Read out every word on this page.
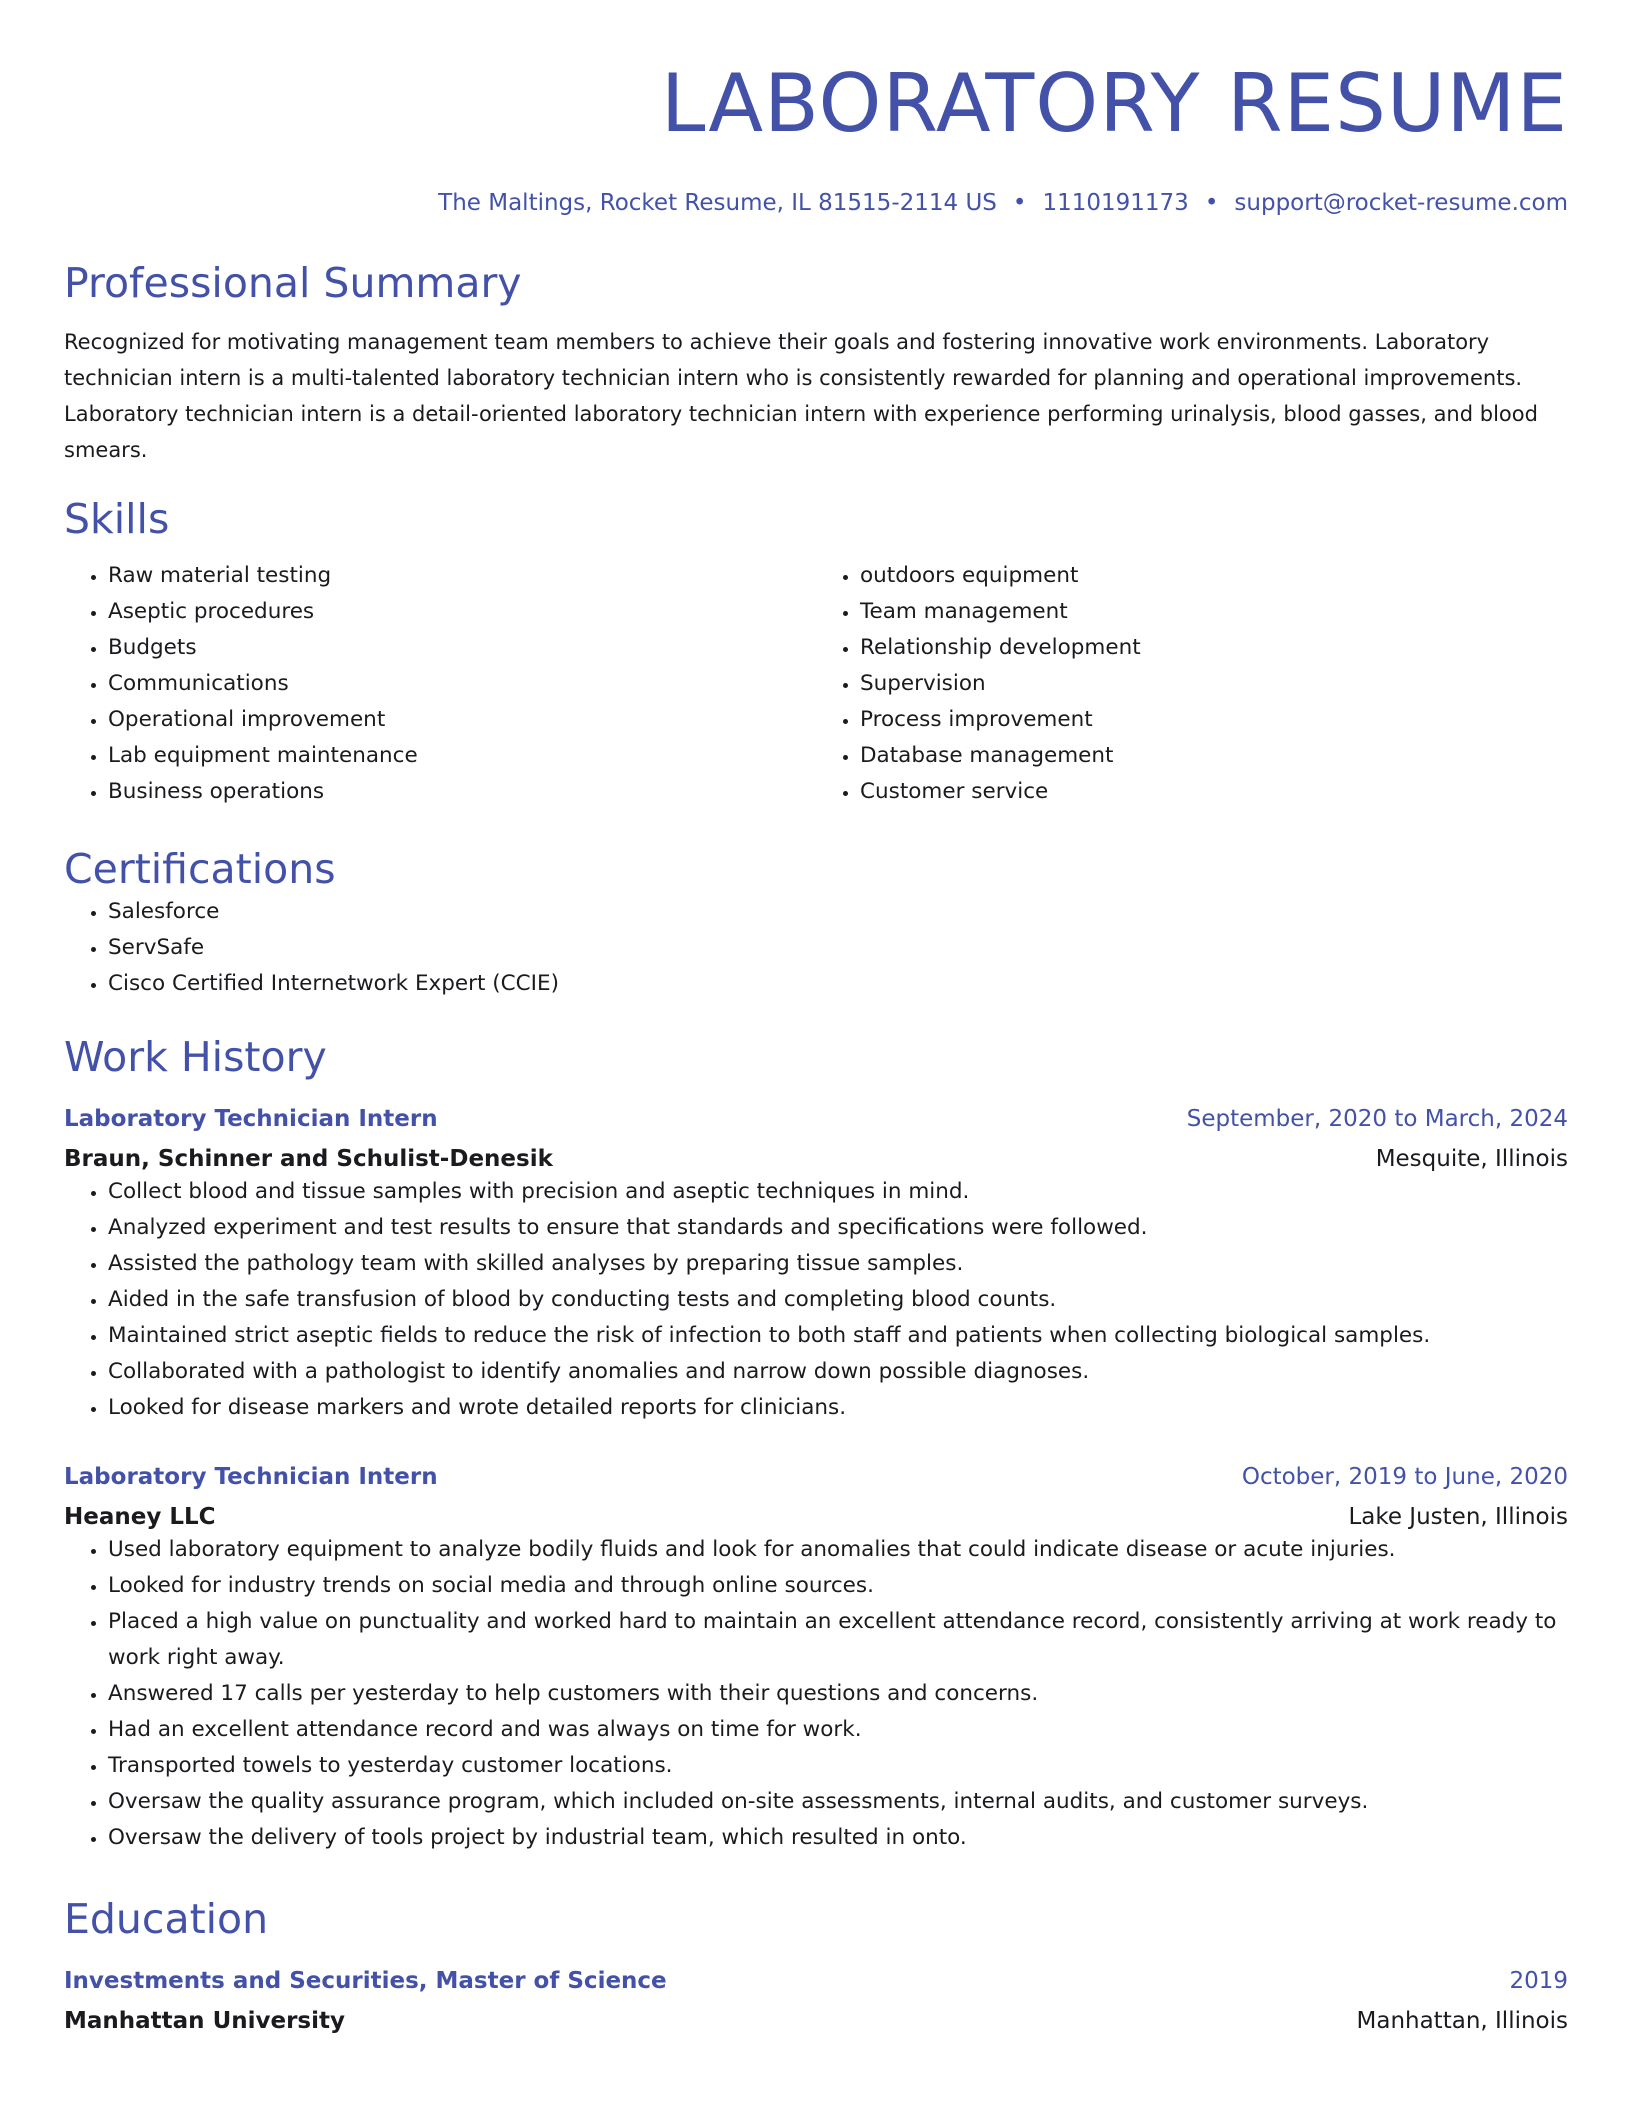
LABORATORY RESUME
The Maltings, Rocket Resume, IL 81515-2114 US • 1110191173 • support@rocket-resume.com
Professional Summary
Recognized for motivating management team members to achieve their goals and fostering innovative work environments. Laboratory technician intern is a multi-talented laboratory technician intern who is consistently rewarded for planning and operational improvements. Laboratory technician intern is a detail-oriented laboratory technician intern with experience performing urinalysis, blood gasses, and blood smears.
Skills
• Raw material testing
• Aseptic procedures
• Budgets
• Communications
• Operational improvement
• Lab equipment maintenance
• Business operations
• outdoors equipment
• Team management
• Relationship development
• Supervision
• Process improvement
• Database management
• Customer service
Certifications
• Salesforce
• ServSafe
• Cisco Certified Internetwork Expert (CCIE)
Work History
Laboratory Technician Intern	September, 2020 to March, 2024
Braun, Schinner and Schulist-Denesik	Mesquite, Illinois
• Collect blood and tissue samples with precision and aseptic techniques in mind.
• Analyzed experiment and test results to ensure that standards and specifications were followed.
• Assisted the pathology team with skilled analyses by preparing tissue samples.
• Aided in the safe transfusion of blood by conducting tests and completing blood counts.
• Maintained strict aseptic fields to reduce the risk of infection to both staff and patients when collecting biological samples.
• Collaborated with a pathologist to identify anomalies and narrow down possible diagnoses.
• Looked for disease markers and wrote detailed reports for clinicians.
Laboratory Technician Intern	October, 2019 to June, 2020
Heaney LLC	Lake Justen, Illinois
• Used laboratory equipment to analyze bodily fluids and look for anomalies that could indicate disease or acute injuries.
• Looked for industry trends on social media and through online sources.
• Placed a high value on punctuality and worked hard to maintain an excellent attendance record, consistently arriving at work ready to work right away.
• Answered 17 calls per yesterday to help customers with their questions and concerns.
• Had an excellent attendance record and was always on time for work.
• Transported towels to yesterday customer locations.
• Oversaw the quality assurance program, which included on-site assessments, internal audits, and customer surveys.
• Oversaw the delivery of tools project by industrial team, which resulted in onto.
Education
Investments and Securities, Master of Science	2019
Manhattan University	Manhattan, Illinois
